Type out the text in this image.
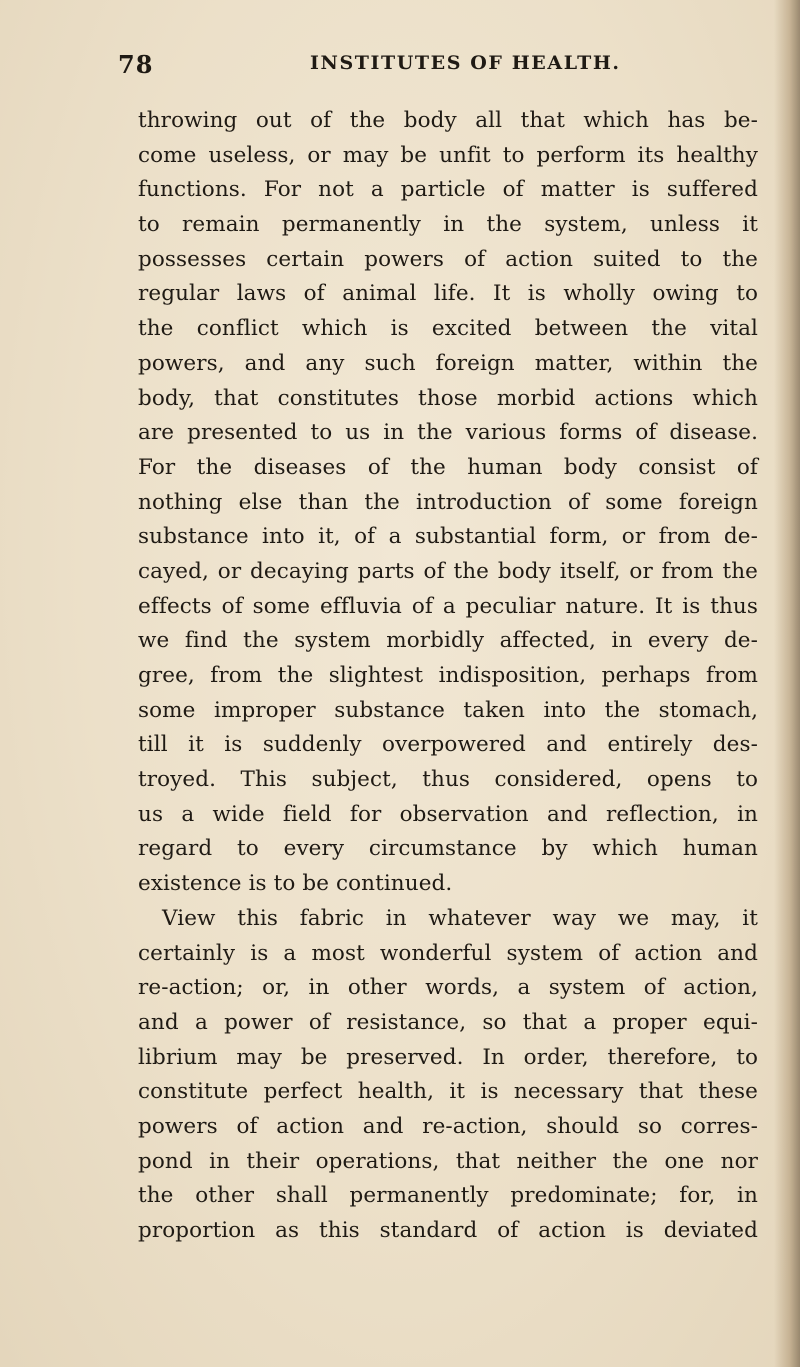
78	INSTITUTES OF HEALTH.
throwing out of the body all that which has be-
come useless, or may be unfit to perform its healthy
functions. For not a particle of matter is suffered
to remain permanently in the system, unless it
possesses certain powers of action suited to the
regular laws of animal life. It is wholly owing to
the conflict which is excited between the vital
powers, and any such foreign matter, within the
body, that constitutes those morbid actions which
are presented to us in the various forms of disease.
For the diseases of the human body consist of
nothing else than the introduction of some foreign
substance into it, of a substantial form, or from de-
cayed, or decaying parts of the body itself, or from the
effects of some effluvia of a peculiar nature. It is thus
we find the system morbidly affected, in every de-
gree, from the slightest indisposition, perhaps from
some improper substance taken into the stomach,
till it is suddenly overpowered and entirely des-
troyed. This subject, thus considered, opens to
us a wide field for observation and reflection, in
regard to every circumstance by which human
existence is to be continued.
View this fabric in whatever way we may, it
certainly is a most wonderful system of action and
re-action; or, in other words, a system of action,
and a power of resistance, so that a proper equi-
librium may be preserved. In order, therefore, to
constitute perfect health, it is necessary that these
powers of action and re-action, should so corres-
pond in their operations, that neither the one nor
the other shall permanently predominate; for, in
proportion as this standard of action is deviated
